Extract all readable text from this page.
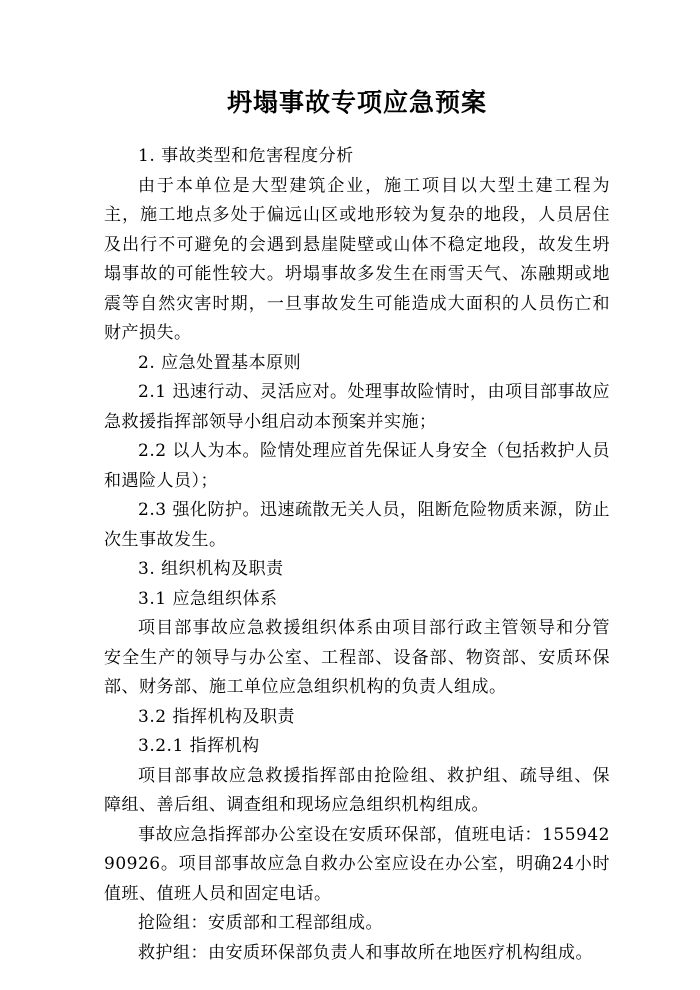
坍塌事故专项应急预案

1. 事故类型和危害程度分析

由于本单位是大型建筑企业，施工项目以大型土建工程为主，施工地点多处于偏远山区或地形较为复杂的地段，人员居住及出行不可避免的会遇到悬崖陡壁或山体不稳定地段，故发生坍塌事故的可能性较大。坍塌事故多发生在雨雪天气、冻融期或地震等自然灾害时期，一旦事故发生可能造成大面积的人员伤亡和财产损失。

2. 应急处置基本原则

2.1 迅速行动、灵活应对。处理事故险情时，由项目部事故应急救援指挥部领导小组启动本预案并实施；

2.2 以人为本。险情处理应首先保证人身安全（包括救护人员和遇险人员）；

2.3 强化防护。迅速疏散无关人员，阻断危险物质来源，防止次生事故发生。

3. 组织机构及职责

3.1 应急组织体系

项目部事故应急救援组织体系由项目部行政主管领导和分管安全生产的领导与办公室、工程部、设备部、物资部、安质环保部、财务部、施工单位应急组织机构的负责人组成。

3.2 指挥机构及职责

3.2.1 指挥机构

项目部事故应急救援指挥部由抢险组、救护组、疏导组、保障组、善后组、调查组和现场应急组织机构组成。

事故应急指挥部办公室设在安质环保部，值班电话：15594290926。项目部事故应急自救办公室应设在办公室，明确24小时值班、值班人员和固定电话。

抢险组：安质部和工程部组成。

救护组：由安质环保部负责人和事故所在地医疗机构组成。
